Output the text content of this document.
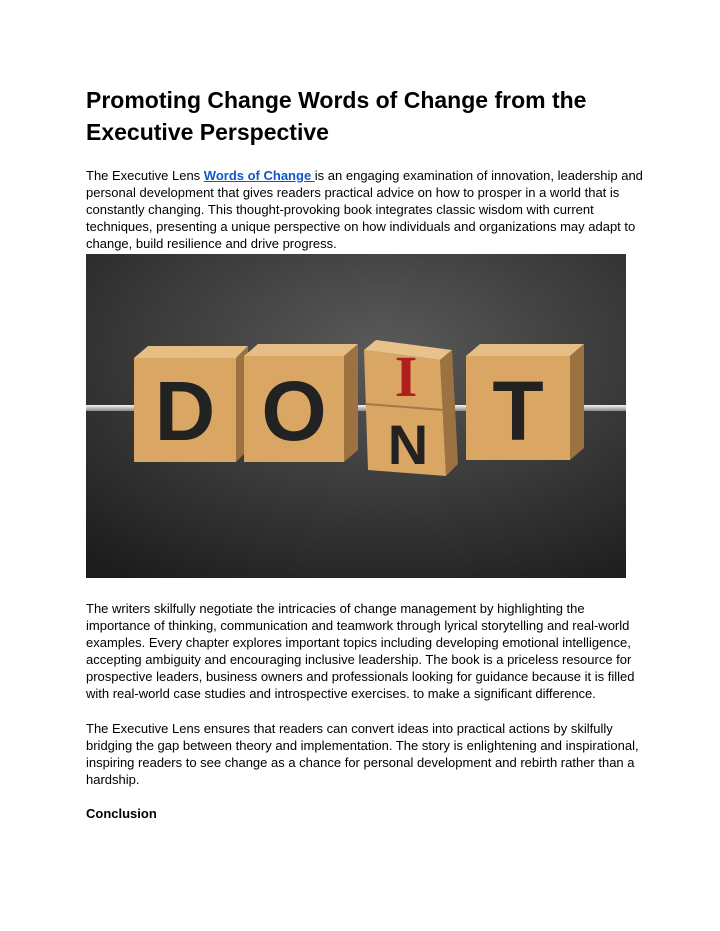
Promoting Change Words of Change from the Executive Perspective

The Executive Lens Words of Change is an engaging examination of innovation, leadership and personal development that gives readers practical advice on how to prosper in a world that is constantly changing. This thought-provoking book integrates classic wisdom with current techniques, presenting a unique perspective on how individuals and organizations may adapt to change, build resilience and drive progress.

D O I
N T

The writers skilfully negotiate the intricacies of change management by highlighting the importance of thinking, communication and teamwork through lyrical storytelling and real-world examples. Every chapter explores important topics including developing emotional intelligence, accepting ambiguity and encouraging inclusive leadership. The book is a priceless resource for prospective leaders, business owners and professionals looking for guidance because it is filled with real-world case studies and introspective exercises. to make a significant difference.

The Executive Lens ensures that readers can convert ideas into practical actions by skilfully bridging the gap between theory and implementation. The story is enlightening and inspirational, inspiring readers to see change as a chance for personal development and rebirth rather than a hardship.

Conclusion
